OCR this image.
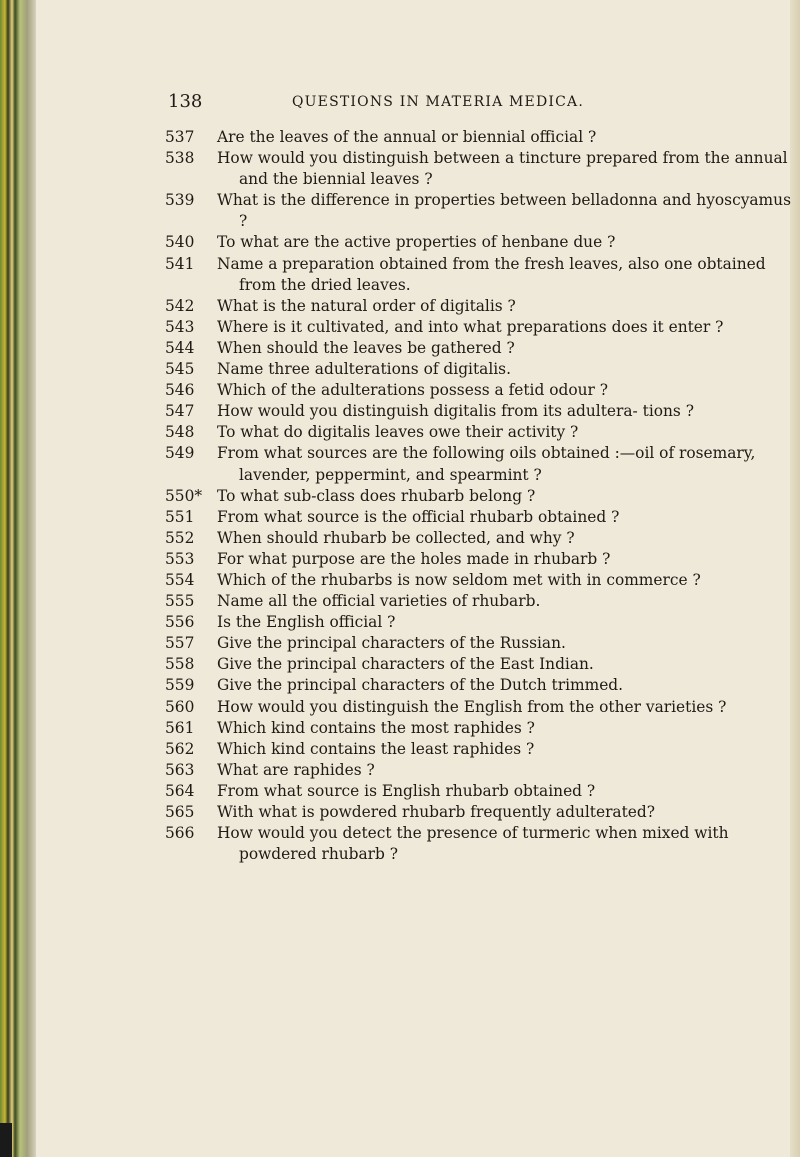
138	QUESTIONS IN MATERIA MEDICA.
537	Are the leaves of the annual or biennial official ?
538	How would you distinguish between a tincture prepared from the annual and the biennial leaves ?
539	What is the difference in properties between belladonna and hyoscyamus ?
540	To what are the active properties of henbane due ?
541	Name a preparation obtained from the fresh leaves, also one obtained from the dried leaves.
542	What is the natural order of digitalis ?
543	Where is it cultivated, and into what preparations does it enter ?
544	When should the leaves be gathered ?
545	Name three adulterations of digitalis.
546	Which of the adulterations possess a fetid odour ?
547	How would you distinguish digitalis from its adultera- tions ?
548	To what do digitalis leaves owe their activity ?
549	From what sources are the following oils obtained :—oil of rosemary, lavender, peppermint, and spearmint ?
550* To what sub-class does rhubarb belong ?
551	From what source is the official rhubarb obtained ?
552	When should rhubarb be collected, and why ?
553	For what purpose are the holes made in rhubarb ?
554	Which of the rhubarbs is now seldom met with in commerce ?
555	Name all the official varieties of rhubarb.
556	Is the English official ?
557	Give the principal characters of the Russian.
558	Give the principal characters of the East Indian.
559	Give the principal characters of the Dutch trimmed.
560	How would you distinguish the English from the other varieties ?
561	Which kind contains the most raphides ?
562	Which kind contains the least raphides ?
563	What are raphides ?
564	From what source is English rhubarb obtained ?
565	With what is powdered rhubarb frequently adulterated?
566	How would you detect the presence of turmeric when mixed with powdered rhubarb ?
